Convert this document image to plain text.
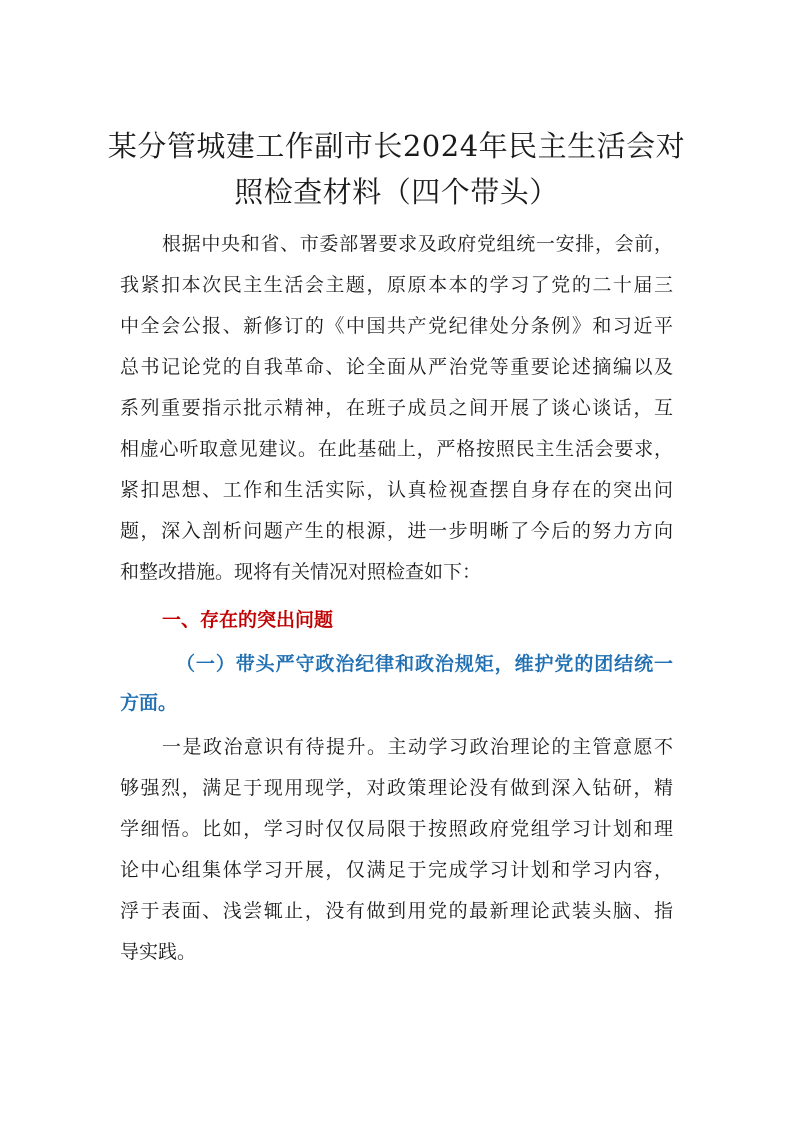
某分管城建工作副市长2024年民主生活会对
照检查材料（四个带头）

根据中央和省、市委部署要求及政府党组统一安排，会前，

我紧扣本次民主生活会主题，原原本本的学习了党的二十届三

中全会公报、新修订的《中国共产党纪律处分条例》和习近平

总书记论党的自我革命、论全面从严治党等重要论述摘编以及

系列重要指示批示精神，在班子成员之间开展了谈心谈话，互

相虚心听取意见建议。在此基础上，严格按照民主生活会要求，

紧扣思想、工作和生活实际，认真检视查摆自身存在的突出问

题，深入剖析问题产生的根源，进一步明晰了今后的努力方向

和整改措施。现将有关情况对照检查如下：

一、存在的突出问题
（一）带头严守政治纪律和政治规矩，维护党的团结统一
方面。

一是政治意识有待提升。主动学习政治理论的主管意愿不

够强烈，满足于现用现学，对政策理论没有做到深入钻研，精

学细悟。比如，学习时仅仅局限于按照政府党组学习计划和理

论中心组集体学习开展，仅满足于完成学习计划和学习内容，

浮于表面、浅尝辄止，没有做到用党的最新理论武装头脑、指

导实践。
